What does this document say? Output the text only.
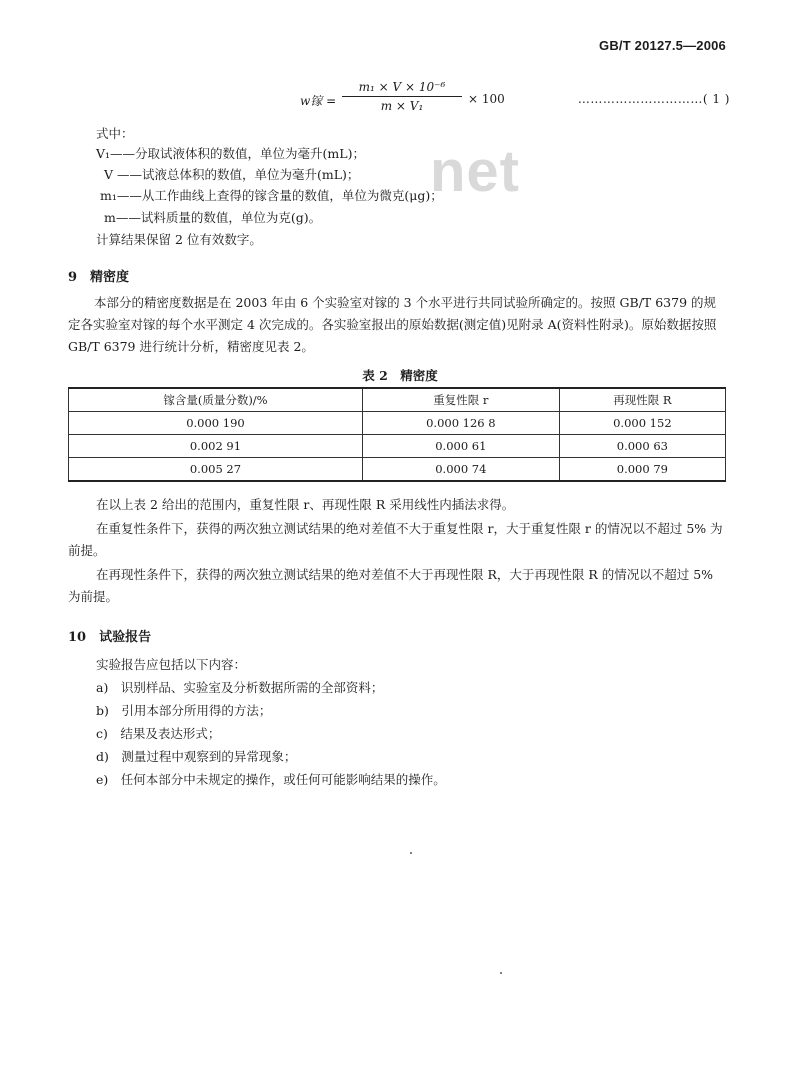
net
GB/T 20127.5—2006
w镓 = $\frac{\text{m₁ × V × 10⁻⁶}}{\text{m × V₁}} \times 100$	…………………………( 1 )
式中：
V₁——分取试液体积的数值，单位为毫升(mL)；
V ——试液总体积的数值，单位为毫升(mL)；
m₁——从工作曲线上查得的镓含量的数值，单位为微克(μg)；
m——试料质量的数值，单位为克(g)。
计算结果保留 2 位有效数字。
9　精密度
本部分的精密度数据是在 2003 年由 6 个实验室对镓的 3 个水平进行共同试验所确定的。按照 GB/T 6379 的规定各实验室对镓的每个水平测定 4 次完成的。各实验室报出的原始数据(测定值)见附录 A(资料性附录)。原始数据按照 GB/T 6379 进行统计分析，精密度见表 2。
表 2　精密度
镓含量(质量分数)/%	重复性限 r	再现性限 R
0.000 190	0.000 126 8	0.000 152
0.002 91	0.000 61	0.000 63
0.005 27	0.000 74	0.000 79
在以上表 2 给出的范围内，重复性限 r、再现性限 R 采用线性内插法求得。
在重复性条件下，获得的两次独立测试结果的绝对差值不大于重复性限 r，大于重复性限 r 的情况以不超过 5% 为前提。
在再现性条件下，获得的两次独立测试结果的绝对差值不大于再现性限 R，大于再现性限 R 的情况以不超过 5% 为前提。
10　试验报告
实验报告应包括以下内容：
a)　识别样品、实验室及分析数据所需的全部资料；
b)　引用本部分所用得的方法；
c)　结果及表达形式；
d)　测量过程中观察到的异常现象；
e)　任何本部分中未规定的操作，或任何可能影响结果的操作。
